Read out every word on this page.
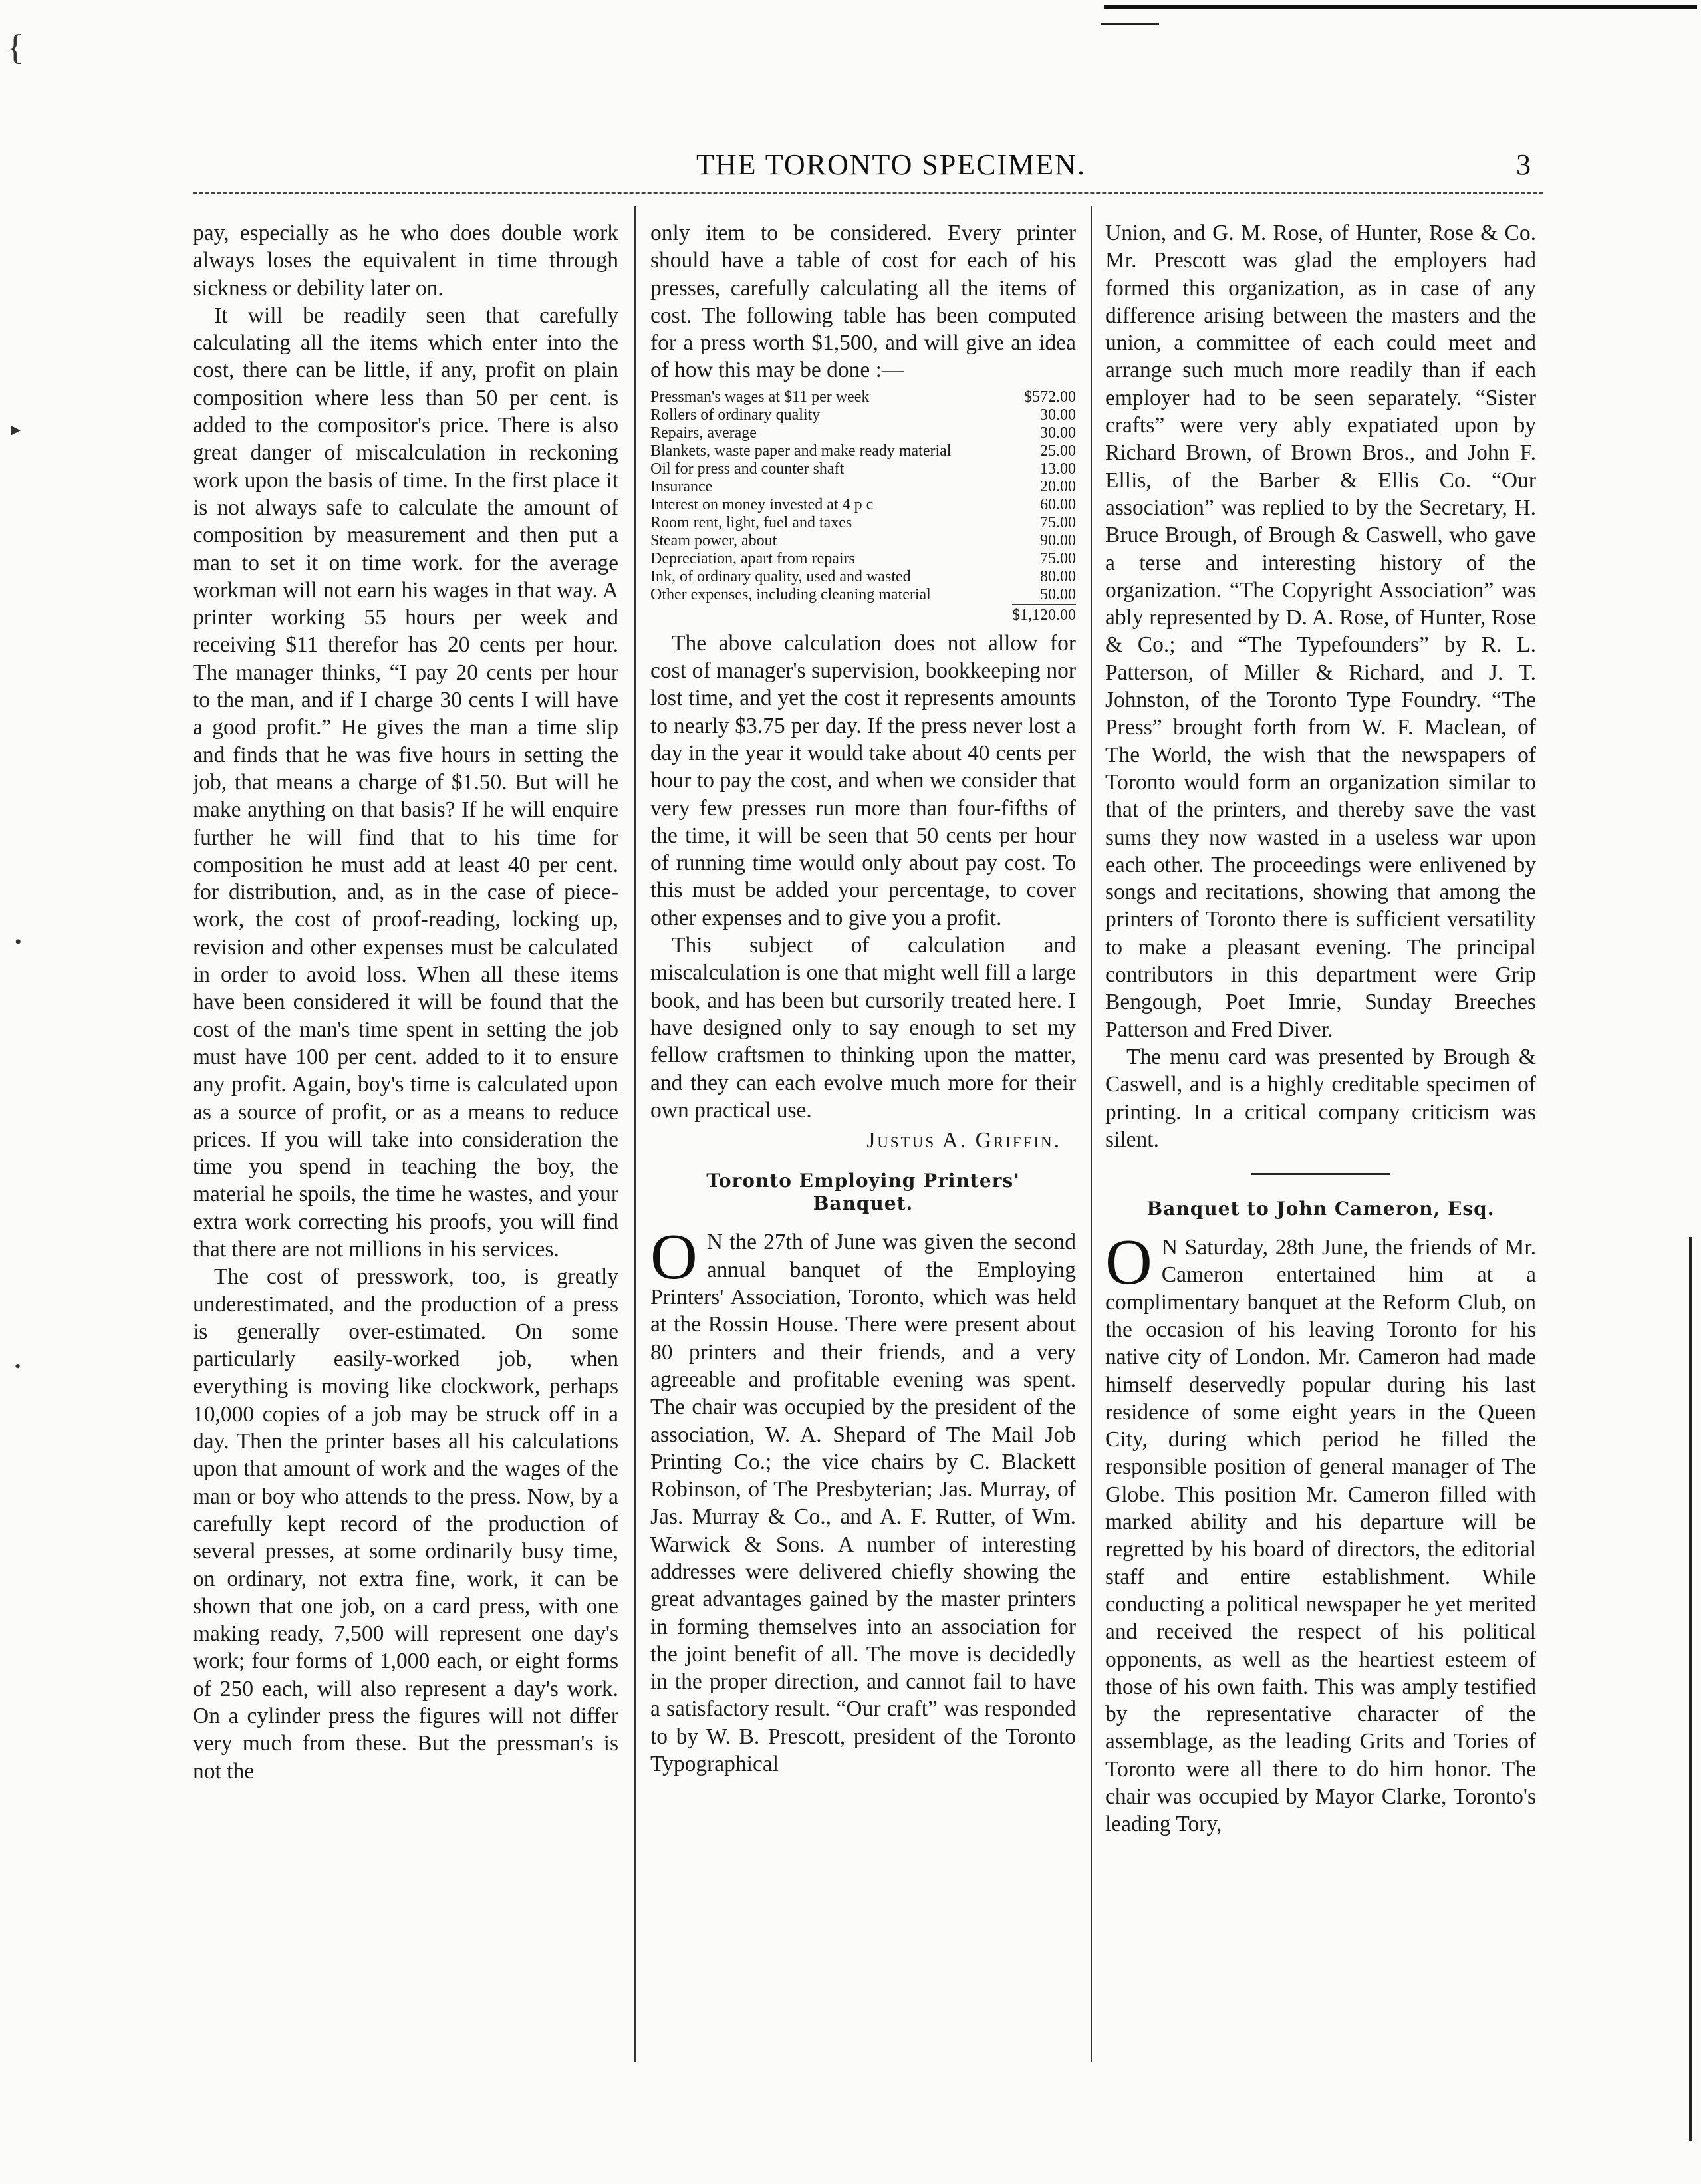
{
▸
•
•
THE TORONTO SPECIMEN.	3

pay, especially as he who does double work always loses the equivalent in time through sickness or debility later on.

It will be readily seen that carefully calculating all the items which enter into the cost, there can be little, if any, profit on plain composition where less than 50 per cent. is added to the compositor's price. There is also great danger of miscalculation in reckoning work upon the basis of time. In the first place it is not always safe to calculate the amount of composition by measurement and then put a man to set it on time work. for the average workman will not earn his wages in that way. A printer working 55 hours per week and receiving $11 therefor has 20 cents per hour. The manager thinks, “I pay 20 cents per hour to the man, and if I charge 30 cents I will have a good profit.” He gives the man a time slip and finds that he was five hours in setting the job, that means a charge of $1.50. But will he make anything on that basis? If he will enquire further he will find that to his time for composition he must add at least 40 per cent. for distribution, and, as in the case of piece-work, the cost of proof-reading, locking up, revision and other expenses must be calculated in order to avoid loss. When all these items have been considered it will be found that the cost of the man's time spent in setting the job must have 100 per cent. added to it to ensure any profit. Again, boy's time is calculated upon as a source of profit, or as a means to reduce prices. If you will take into consideration the time you spend in teaching the boy, the material he spoils, the time he wastes, and your extra work correcting his proofs, you will find that there are not millions in his services.

The cost of presswork, too, is greatly underestimated, and the production of a press is generally over-estimated. On some particularly easily-worked job, when everything is moving like clockwork, perhaps 10,000 copies of a job may be struck off in a day. Then the printer bases all his calculations upon that amount of work and the wages of the man or boy who attends to the press. Now, by a carefully kept record of the production of several presses, at some ordinarily busy time, on ordinary, not extra fine, work, it can be shown that one job, on a card press, with one making ready, 7,500 will represent one day's work; four forms of 1,000 each, or eight forms of 250 each, will also represent a day's work. On a cylinder press the figures will not differ very much from these. But the pressman's is not the

only item to be considered. Every printer should have a table of cost for each of his presses, carefully calculating all the items of cost. The following table has been computed for a press worth $1,500, and will give an idea of how this may be done :—

Pressman's wages at $11 per week	$572.00
Rollers of ordinary quality	30.00
Repairs, average	30.00
Blankets, waste paper and make ready material	25.00
Oil for press and counter shaft	13.00
Insurance	20.00
Interest on money invested at 4 p c	60.00
Room rent, light, fuel and taxes	75.00
Steam power, about	90.00
Depreciation, apart from repairs	75.00
Ink, of ordinary quality, used and wasted	80.00
Other expenses, including cleaning material	50.00
	$1,120.00

The above calculation does not allow for cost of manager's supervision, bookkeeping nor lost time, and yet the cost it represents amounts to nearly $3.75 per day. If the press never lost a day in the year it would take about 40 cents per hour to pay the cost, and when we consider that very few presses run more than four-fifths of the time, it will be seen that 50 cents per hour of running time would only about pay cost. To this must be added your percentage, to cover other expenses and to give you a profit.

This subject of calculation and miscalculation is one that might well fill a large book, and has been but cursorily treated here. I have designed only to say enough to set my fellow craftsmen to thinking upon the matter, and they can each evolve much more for their own practical use.

Justus A. Griffin.
Toronto Employing Printers' Banquet.

O N the 27th of June was given the second annual banquet of the Employing Printers' Association, Toronto, which was held at the Rossin House. There were present about 80 printers and their friends, and a very agreeable and profitable evening was spent. The chair was occupied by the president of the association, W. A. Shepard of The Mail Job Printing Co.; the vice chairs by C. Blackett Robinson, of The Presbyterian; Jas. Murray, of Jas. Murray & Co., and A. F. Rutter, of Wm. Warwick & Sons. A number of interesting addresses were delivered chiefly showing the great advantages gained by the master printers in forming themselves into an association for the joint benefit of all. The move is decidedly in the proper direction, and cannot fail to have a satisfactory result. “Our craft” was responded to by W. B. Prescott, president of the Toronto Typographical

Union, and G. M. Rose, of Hunter, Rose & Co. Mr. Prescott was glad the employers had formed this organization, as in case of any difference arising between the masters and the union, a committee of each could meet and arrange such much more readily than if each employer had to be seen separately. “Sister crafts” were very ably expatiated upon by Richard Brown, of Brown Bros., and John F. Ellis, of the Barber & Ellis Co. “Our association” was replied to by the Secretary, H. Bruce Brough, of Brough & Caswell, who gave a terse and interesting history of the organization. “The Copyright Association” was ably represented by D. A. Rose, of Hunter, Rose & Co.; and “The Typefounders” by R. L. Patterson, of Miller & Richard, and J. T. Johnston, of the Toronto Type Foundry. “The Press” brought forth from W. F. Maclean, of The World, the wish that the newspapers of Toronto would form an organization similar to that of the printers, and thereby save the vast sums they now wasted in a useless war upon each other. The proceedings were enlivened by songs and recitations, showing that among the printers of Toronto there is sufficient versatility to make a pleasant evening. The principal contributors in this department were Grip Bengough, Poet Imrie, Sunday Breeches Patterson and Fred Diver.

The menu card was presented by Brough & Caswell, and is a highly creditable specimen of printing. In a critical company criticism was silent.

Banquet to John Cameron, Esq.

O N Saturday, 28th June, the friends of Mr. Cameron entertained him at a complimentary banquet at the Reform Club, on the occasion of his leaving Toronto for his native city of London. Mr. Cameron had made himself deservedly popular during his last residence of some eight years in the Queen City, during which period he filled the responsible position of general manager of The Globe. This position Mr. Cameron filled with marked ability and his departure will be regretted by his board of directors, the editorial staff and entire establishment. While conducting a political newspaper he yet merited and received the respect of his political opponents, as well as the heartiest esteem of those of his own faith. This was amply testified by the representative character of the assemblage, as the leading Grits and Tories of Toronto were all there to do him honor. The chair was occupied by Mayor Clarke, Toronto's leading Tory,
